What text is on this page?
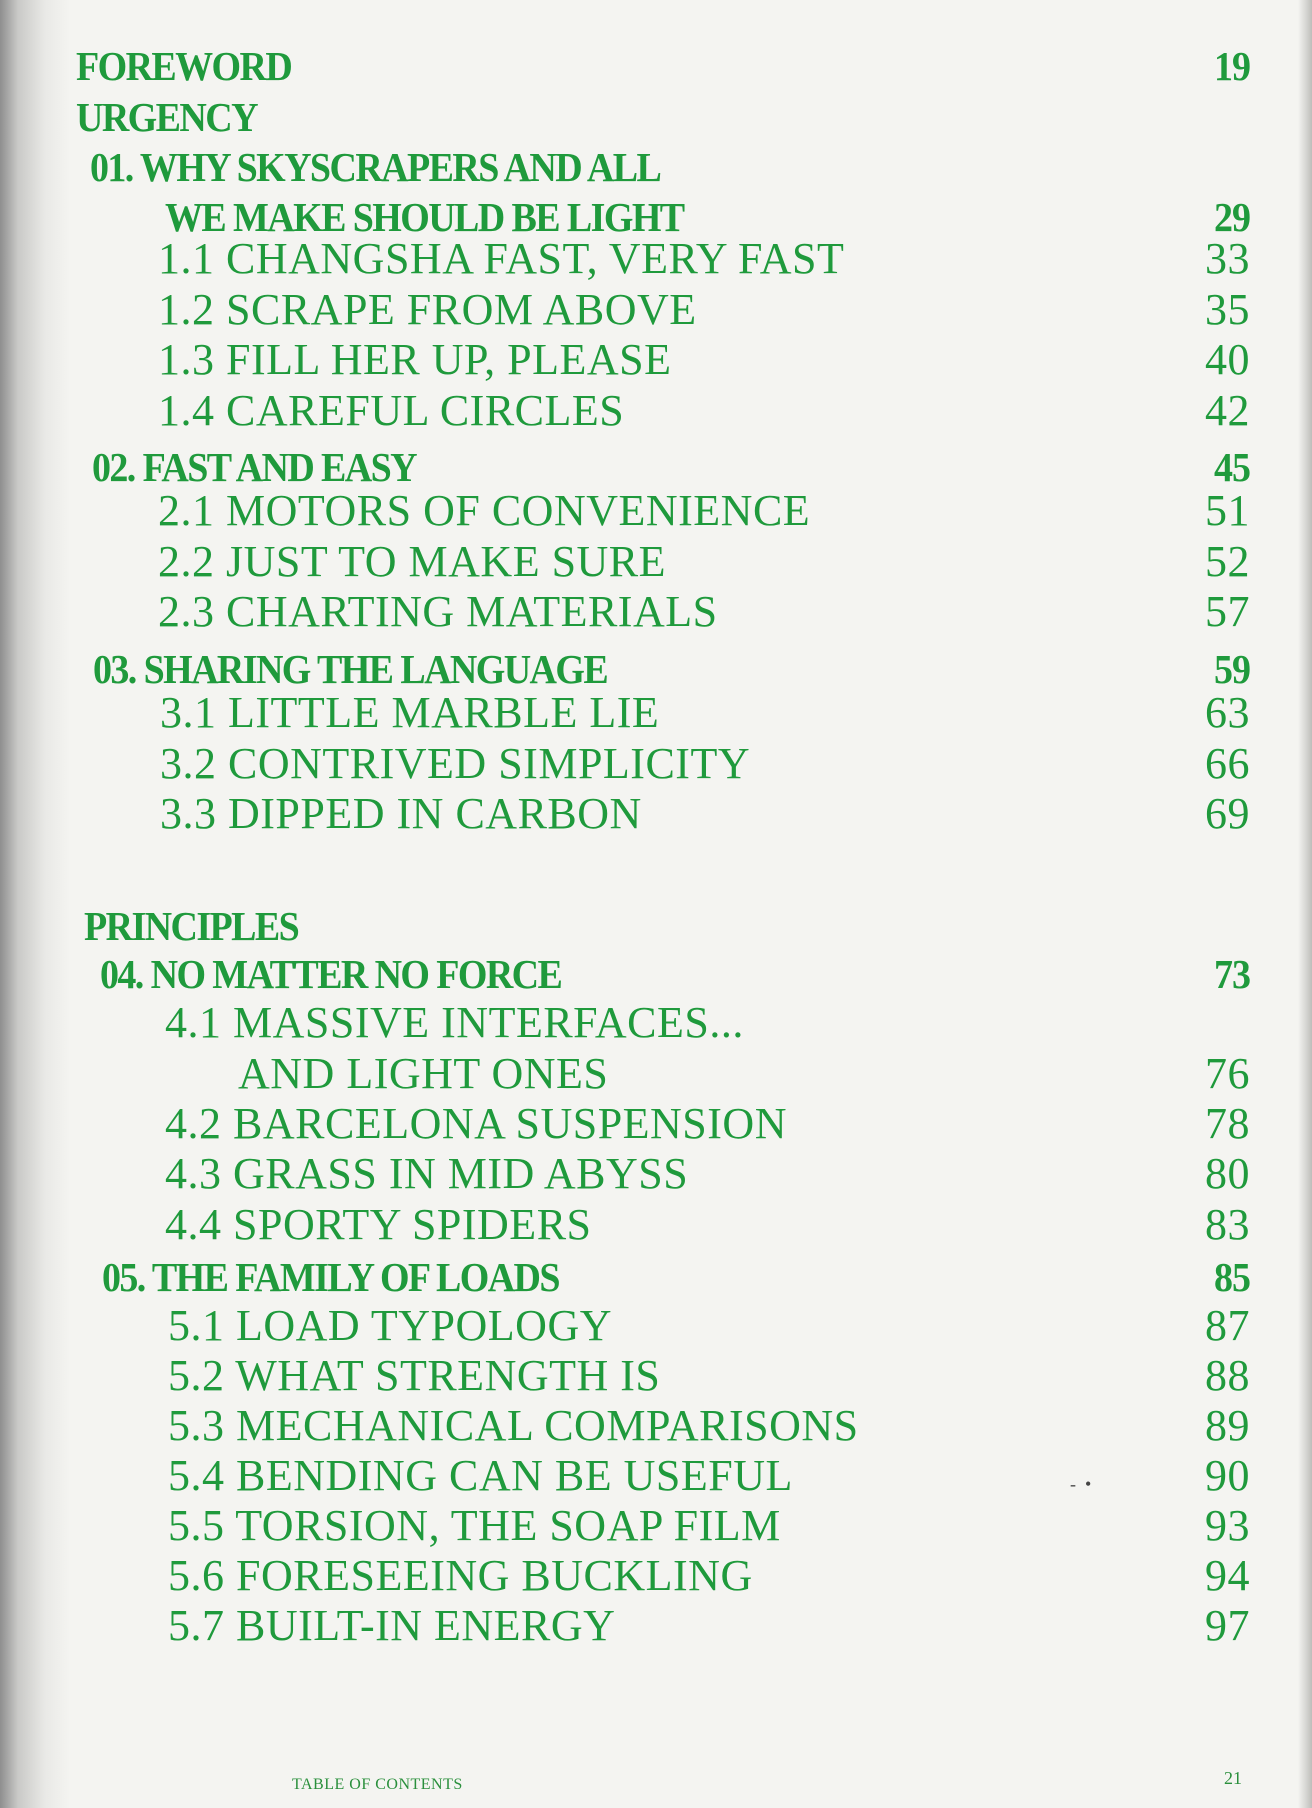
FOREWORD	19
URGENCY
01. WHY SKYSCRAPERS AND ALL
WE MAKE SHOULD BE LIGHT	29
1.1 CHANGSHA FAST, VERY FAST	33
1.2 SCRAPE FROM ABOVE	35
1.3 FILL HER UP, PLEASE	40
1.4 CAREFUL CIRCLES	42
02. FAST AND EASY	45
2.1 MOTORS OF CONVENIENCE	51
2.2 JUST TO MAKE SURE	52
2.3 CHARTING MATERIALS	57
03. SHARING THE LANGUAGE	59
3.1 LITTLE MARBLE LIE	63
3.2 CONTRIVED SIMPLICITY	66
3.3 DIPPED IN CARBON	69
PRINCIPLES
04. NO MATTER NO FORCE	73
4.1 MASSIVE INTERFACES...
AND LIGHT ONES	76
4.2 BARCELONA SUSPENSION	78
4.3 GRASS IN MID ABYSS	80
4.4 SPORTY SPIDERS	83
05. THE FAMILY OF LOADS	85
5.1 LOAD TYPOLOGY	87
5.2 WHAT STRENGTH IS	88
5.3 MECHANICAL COMPARISONS	89
5.4 BENDING CAN BE USEFUL	90
5.5 TORSION, THE SOAP FILM	93
5.6 FORESEEING BUCKLING	94
5.7 BUILT-IN ENERGY	97
‐  •
TABLE OF CONTENTS	21
